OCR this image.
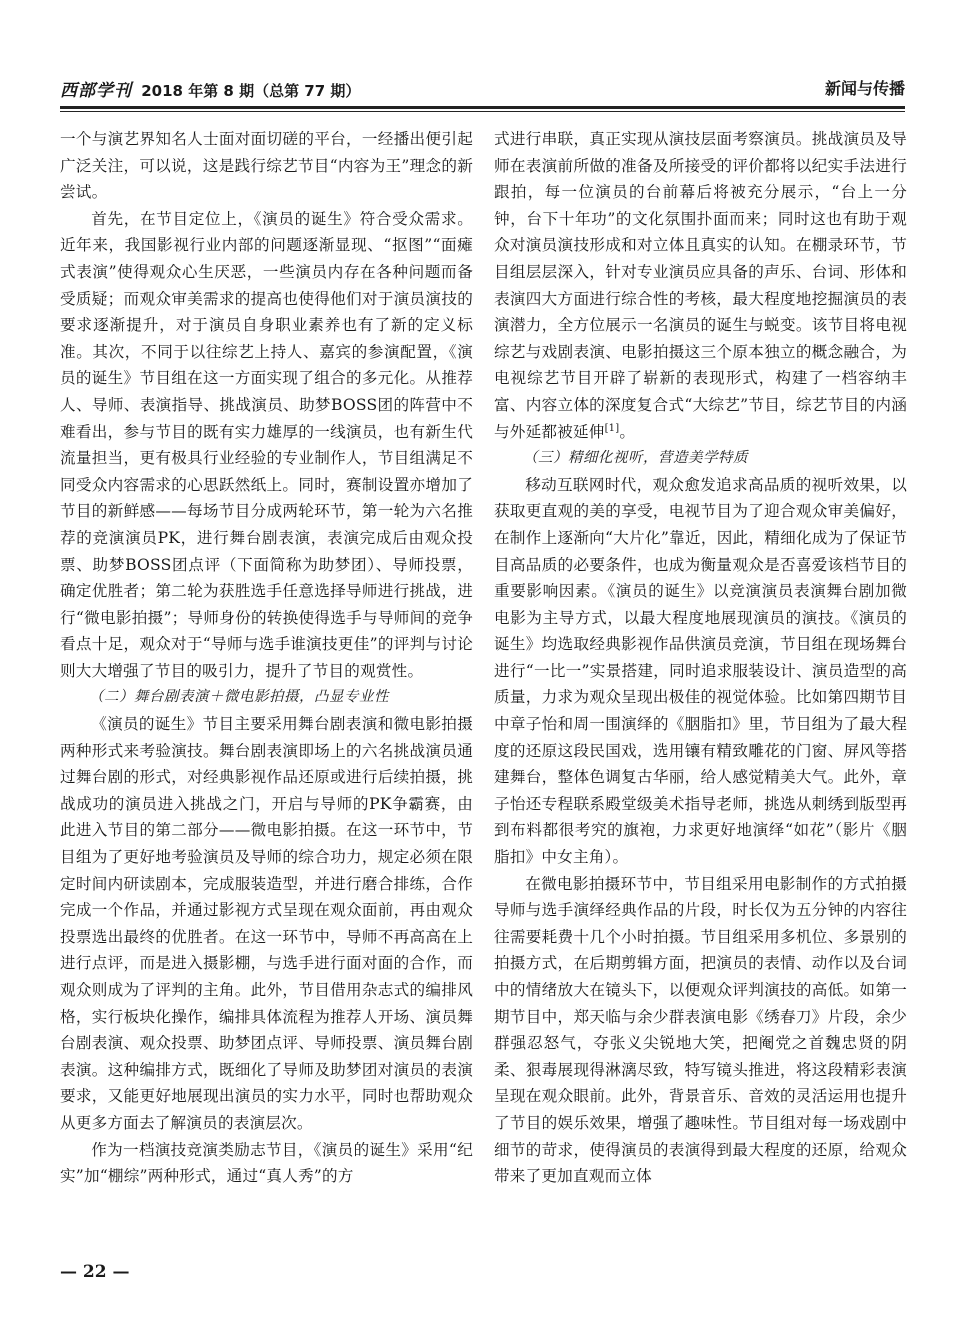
西部学刊 2018 年第 8 期（总第 77 期）	新闻与传播

一个与演艺界知名人士面对面切磋的平台，一经播出便引起广泛关注，可以说，这是践行综艺节目“内容为王”理念的新尝试。

首先，在节目定位上，《演员的诞生》符合受众需求。近年来，我国影视行业内部的问题逐渐显现、“抠图”“面瘫式表演”使得观众心生厌恶，一些演员内存在各种问题而备受质疑；而观众审美需求的提高也使得他们对于演员演技的要求逐渐提升，对于演员自身职业素养也有了新的定义标准。其次，不同于以往综艺上持人、嘉宾的参演配置，《演员的诞生》节目组在这一方面实现了组合的多元化。从推荐人、导师、表演指导、挑战演员、助梦BOSS团的阵营中不难看出，参与节目的既有实力雄厚的一线演员，也有新生代流量担当，更有极具行业经验的专业制作人，节目组满足不同受众内容需求的心思跃然纸上。同时，赛制设置亦增加了节目的新鲜感——每场节目分成两轮环节，第一轮为六名推荐的竞演演员PK，进行舞台剧表演，表演完成后由观众投票、助梦BOSS团点评（下面简称为助梦团）、导师投票，确定优胜者；第二轮为获胜选手任意选择导师进行挑战，进行“微电影拍摄”；导师身份的转换使得选手与导师间的竞争看点十足，观众对于“导师与选手谁演技更佳”的评判与讨论则大大增强了节目的吸引力，提升了节目的观赏性。

（二）舞台剧表演＋微电影拍摄，凸显专业性

《演员的诞生》节目主要采用舞台剧表演和微电影拍摄两种形式来考验演技。舞台剧表演即场上的六名挑战演员通过舞台剧的形式，对经典影视作品还原或进行后续拍摄，挑战成功的演员进入挑战之门，开启与导师的PK争霸赛，由此进入节目的第二部分——微电影拍摄。在这一环节中，节目组为了更好地考验演员及导师的综合功力，规定必须在限定时间内研读剧本，完成服装造型，并进行磨合排练，合作完成一个作品，并通过影视方式呈现在观众面前，再由观众投票选出最终的优胜者。在这一环节中，导师不再高高在上进行点评，而是进入摄影棚，与选手进行面对面的合作，而观众则成为了评判的主角。此外，节目借用杂志式的编排风格，实行板块化操作，编排具体流程为推荐人开场、演员舞台剧表演、观众投票、助梦团点评、导师投票、演员舞台剧表演。这种编排方式，既细化了导师及助梦团对演员的表演要求，又能更好地展现出演员的实力水平，同时也帮助观众从更多方面去了解演员的表演层次。

作为一档演技竞演类励志节目，《演员的诞生》采用“纪实”加“棚综”两种形式，通过“真人秀”的方

式进行串联，真正实现从演技层面考察演员。挑战演员及导师在表演前所做的准备及所接受的评价都将以纪实手法进行跟拍，每一位演员的台前幕后将被充分展示，“台上一分钟，台下十年功”的文化氛围扑面而来；同时这也有助于观众对演员演技形成和对立体且真实的认知。在棚录环节，节目组层层深入，针对专业演员应具备的声乐、台词、形体和表演四大方面进行综合性的考核，最大程度地挖掘演员的表演潜力，全方位展示一名演员的诞生与蜕变。该节目将电视综艺与戏剧表演、电影拍摄这三个原本独立的概念融合，为电视综艺节目开辟了崭新的表现形式，构建了一档容纳丰富、内容立体的深度复合式“大综艺”节目，综艺节目的内涵与外延都被延伸[1]。

（三）精细化视听，营造美学特质

移动互联网时代，观众愈发追求高品质的视听效果，以获取更直观的美的享受，电视节目为了迎合观众审美偏好，在制作上逐渐向“大片化”靠近，因此，精细化成为了保证节目高品质的必要条件，也成为衡量观众是否喜爱该档节目的重要影响因素。《演员的诞生》以竞演演员表演舞台剧加微电影为主导方式，以最大程度地展现演员的演技。《演员的诞生》均选取经典影视作品供演员竞演，节目组在现场舞台进行“一比一”实景搭建，同时追求服装设计、演员造型的高质量，力求为观众呈现出极佳的视觉体验。比如第四期节目中章子怡和周一围演绎的《胭脂扣》里，节目组为了最大程度的还原这段民国戏，选用镶有精致雕花的门窗、屏风等搭建舞台，整体色调复古华丽，给人感觉精美大气。此外，章子怡还专程联系殿堂级美术指导老师，挑选从刺绣到版型再到布料都很考究的旗袍，力求更好地演绎“如花”（影片《胭脂扣》中女主角）。

在微电影拍摄环节中，节目组采用电影制作的方式拍摄导师与选手演绎经典作品的片段，时长仅为五分钟的内容往往需要耗费十几个小时拍摄。节目组采用多机位、多景别的拍摄方式，在后期剪辑方面，把演员的表情、动作以及台词中的情绪放大在镜头下，以便观众评判演技的高低。如第一期节目中，郑天临与余少群表演电影《绣春刀》片段，余少群强忍怒气，夺张义尖锐地大笑，把阉党之首魏忠贤的阴柔、狠毒展现得淋漓尽致，特写镜头推进，将这段精彩表演呈现在观众眼前。此外，背景音乐、音效的灵活运用也提升了节目的娱乐效果，增强了趣味性。节目组对每一场戏剧中细节的苛求，使得演员的表演得到最大程度的还原，给观众带来了更加直观而立体

— 22 —
